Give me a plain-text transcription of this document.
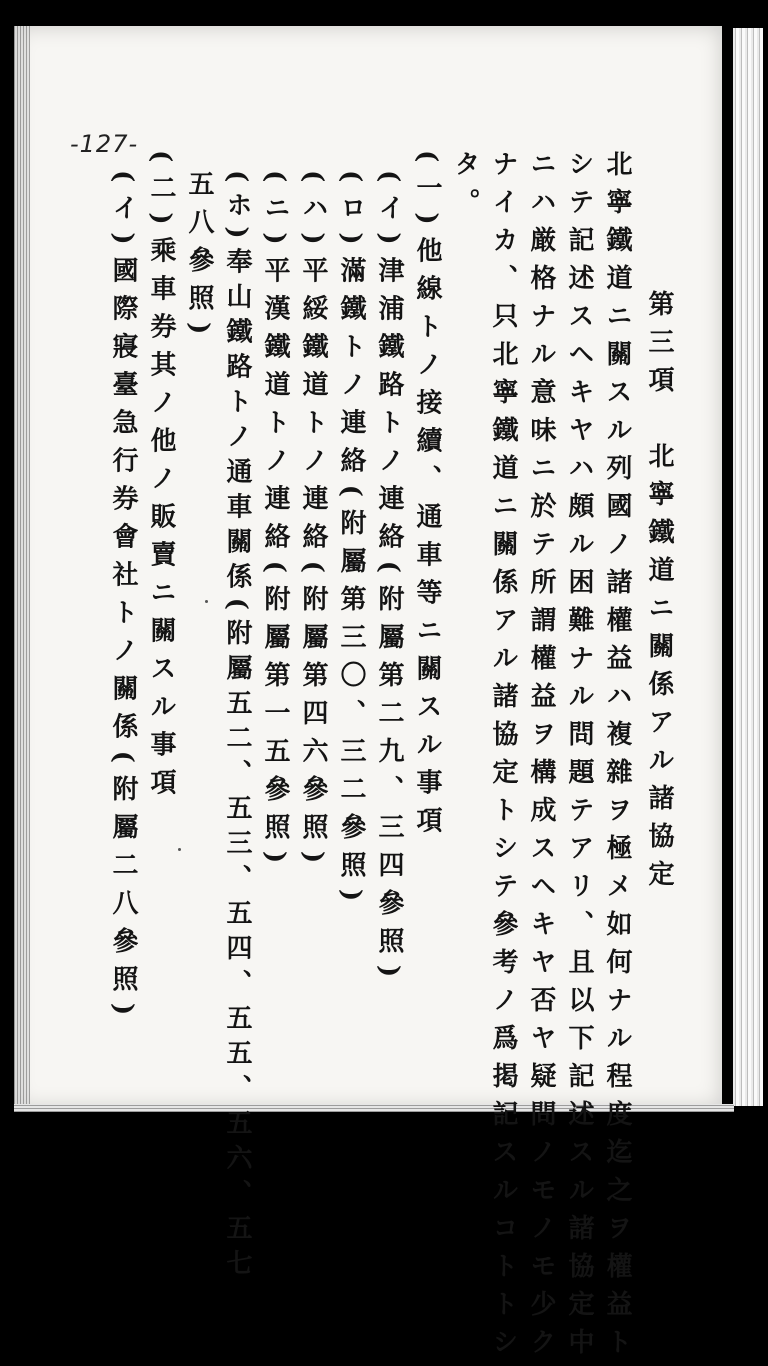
-127-
第三項　北寧鐵道ニ關係アル諸協定
北寧鐵道ニ關スル列國ノ諸權益ハ複雜ヲ極メ如何ナル程度迄之ヲ權益ト
シテ記述スヘキヤハ頗ル困難ナル問題テアリ、且以下記述スル諸協定中
ニハ厳格ナル意味ニ於テ所謂權益ヲ構成スヘキヤ否ヤ疑問ノモノモ少ク
ナイカ、只北寧鐵道ニ關係アル諸協定トシテ參考ノ爲掲記スルコトトシ
タ。
(一)他線トノ接續、通車等ニ關スル事項
(イ)津浦鐵路トノ連絡(附屬第二九、三四參照)
(ロ)滿鐵トノ連絡(附屬第三〇、三二參照)
(ハ)平綏鐵道トノ連絡(附屬第四六參照)
(ニ)平漢鐵道トノ連絡(附屬第一五參照)
(ホ)奉山鐵路トノ通車關係(附屬五二、五三、五四、五五、五六、五七
五八參照)
(二)乘車券其ノ他ノ販賣ニ關スル事項
(イ)國際寢臺急行券會社トノ關係(附屬二八參照)
